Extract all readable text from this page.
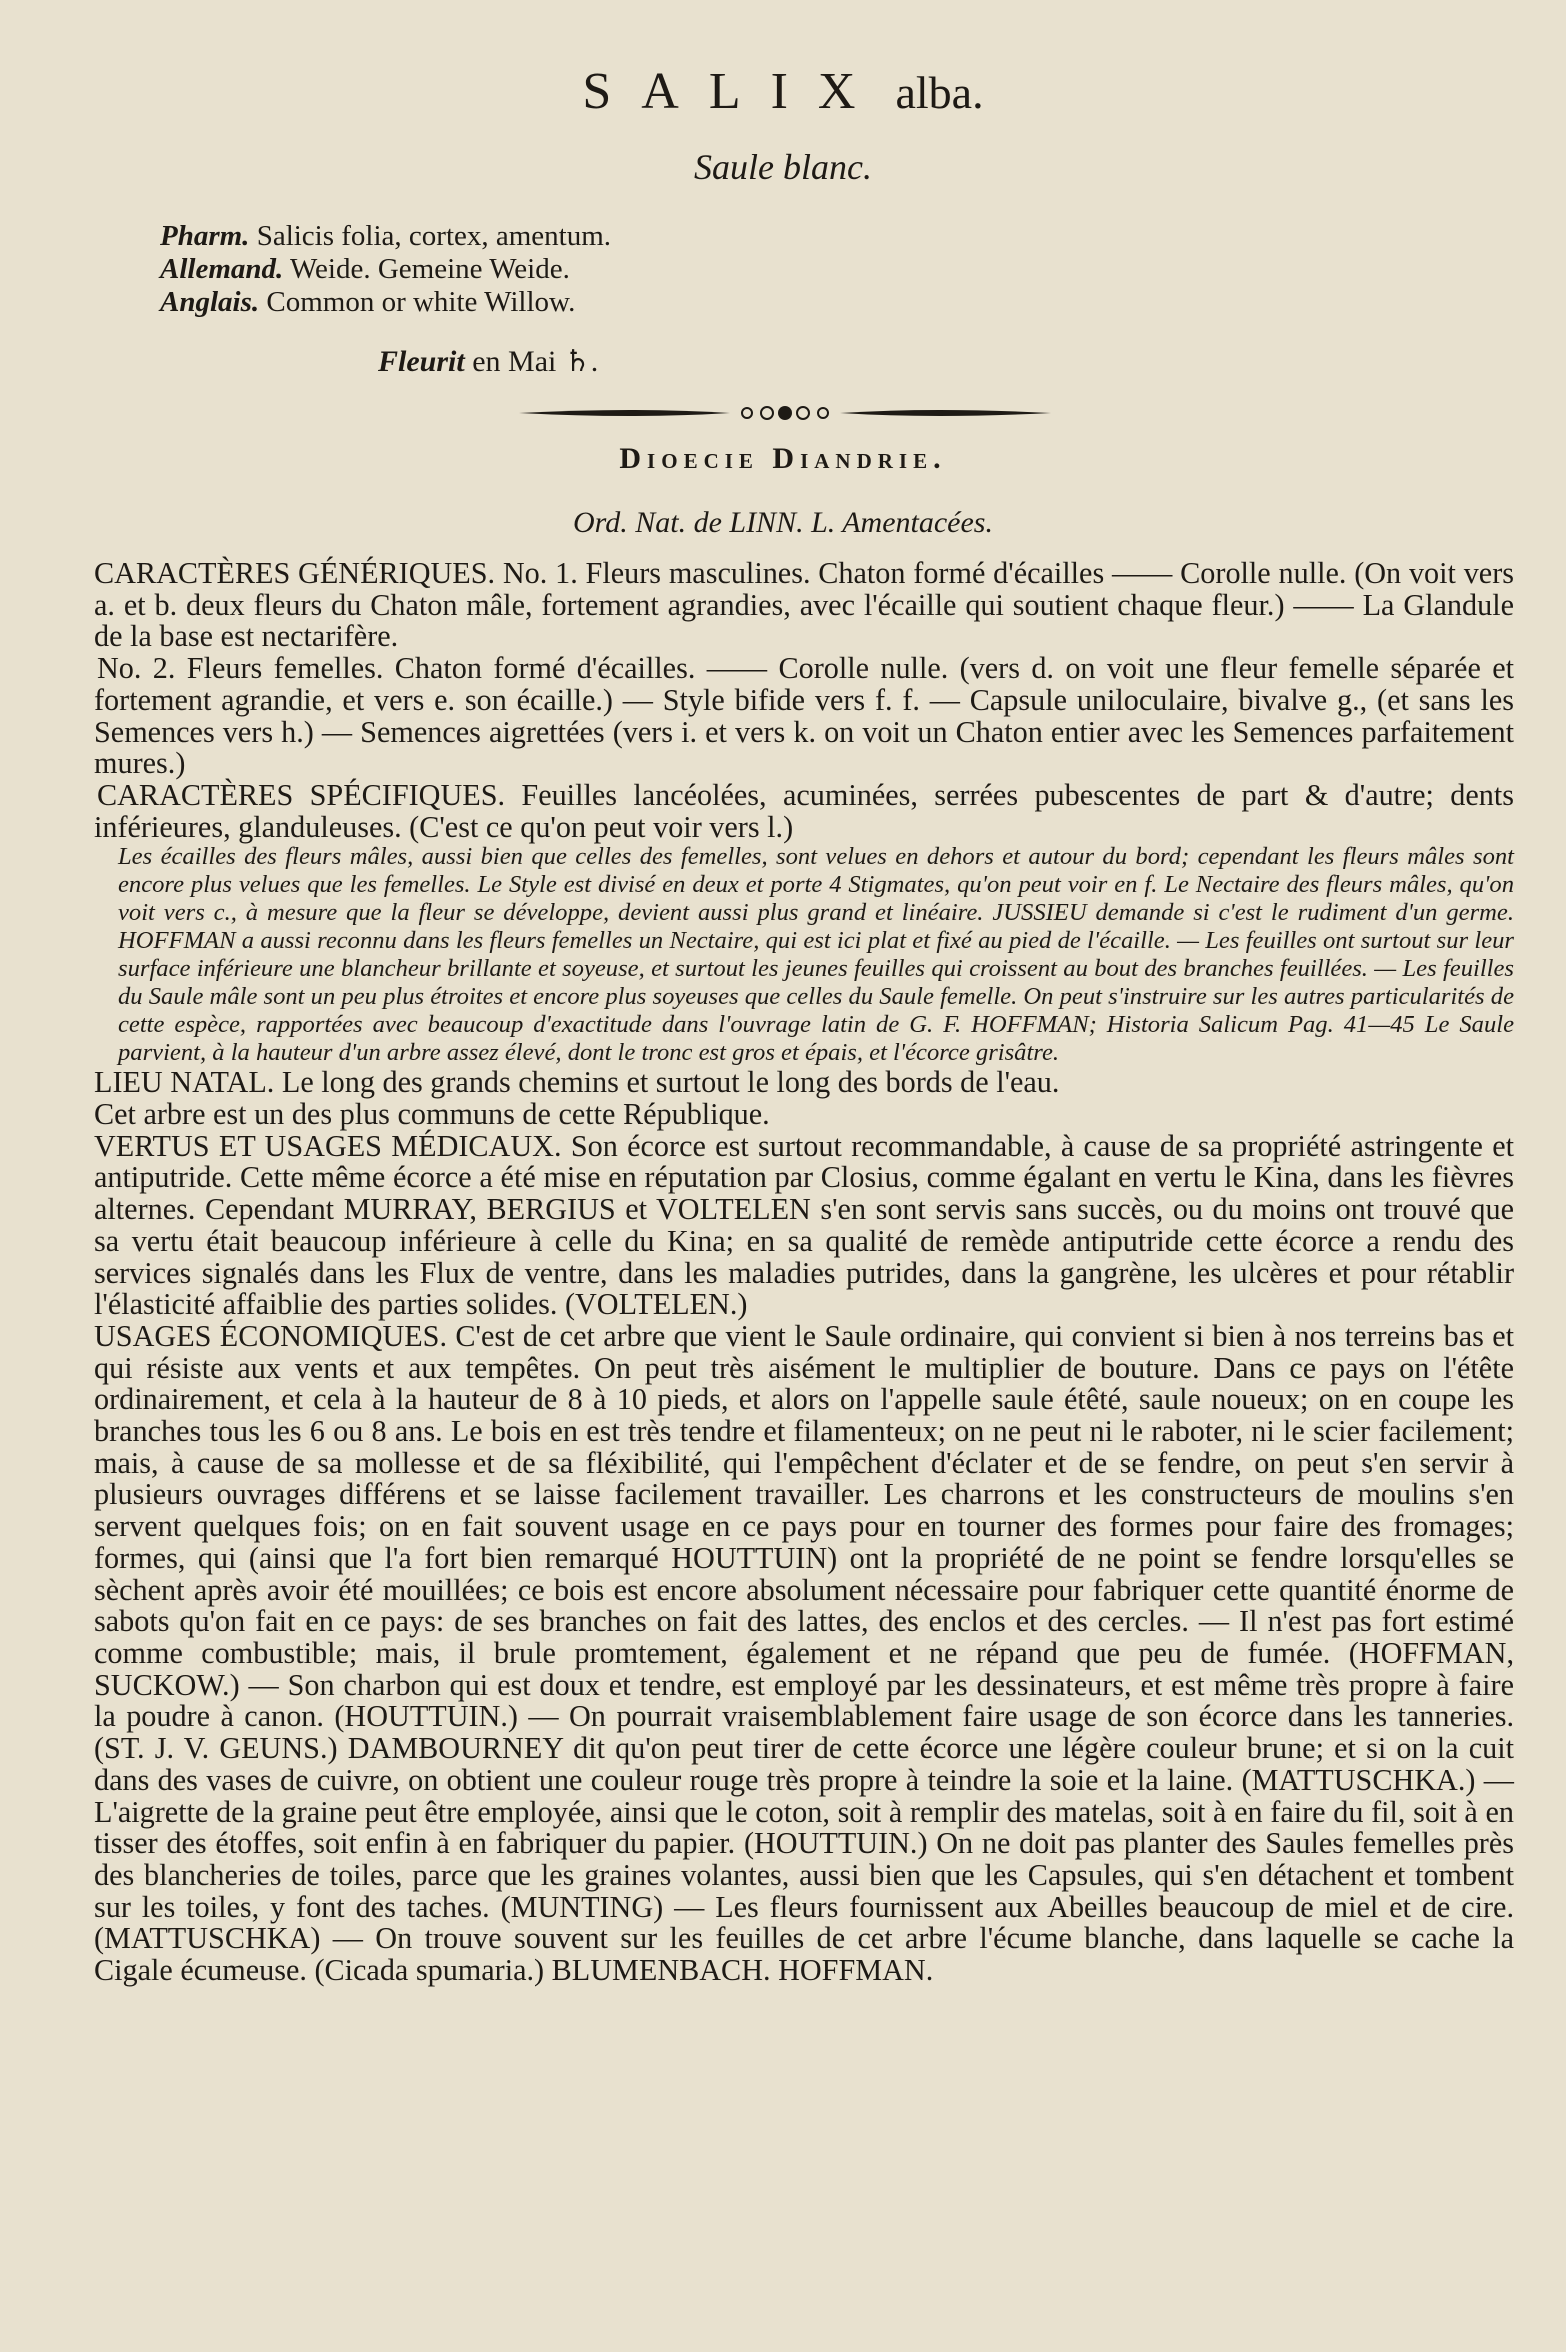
SALIX alba.
Saule blanc.
Pharm. Salicis folia, cortex, amentum.
Allemand. Weide. Gemeine Weide.
Anglais. Common or white Willow.
Fleurit en Mai ♄.
Dioecie Diandrie.
Ord. Nat. de LINN. L. Amentacées.

CARACTÈRES GÉNÉRIQUES. No. 1. Fleurs masculines. Chaton formé d'écailles —— Corolle nulle. (On voit vers a. et b. deux fleurs du Chaton mâle, fortement agrandies, avec l'écaille qui soutient chaque fleur.) —— La Glandule de la base est nectarifère.

No. 2. Fleurs femelles. Chaton formé d'écailles. —— Corolle nulle. (vers d. on voit une fleur femelle séparée et fortement agrandie, et vers e. son écaille.) — Style bifide vers f. f. — Capsule uniloculaire, bivalve g., (et sans les Semences vers h.) — Semences aigrettées (vers i. et vers k. on voit un Chaton entier avec les Semences parfaitement mures.)

CARACTÈRES SPÉCIFIQUES. Feuilles lancéolées, acuminées, serrées pubescentes de part & d'autre; dents inférieures, glanduleuses. (C'est ce qu'on peut voir vers l.)

Les écailles des fleurs mâles, aussi bien que celles des femelles, sont velues en dehors et autour du bord; cependant les fleurs mâles sont encore plus velues que les femelles. Le Style est divisé en deux et porte 4 Stigmates, qu'on peut voir en f. Le Nectaire des fleurs mâles, qu'on voit vers c., à mesure que la fleur se développe, devient aussi plus grand et linéaire. JUSSIEU demande si c'est le rudiment d'un germe. HOFFMAN a aussi reconnu dans les fleurs femelles un Nectaire, qui est ici plat et fixé au pied de l'écaille. — Les feuilles ont surtout sur leur surface inférieure une blancheur brillante et soyeuse, et surtout les jeunes feuilles qui croissent au bout des branches feuillées. — Les feuilles du Saule mâle sont un peu plus étroites et encore plus soyeuses que celles du Saule femelle. On peut s'instruire sur les autres particularités de cette espèce, rapportées avec beaucoup d'exactitude dans l'ouvrage latin de G. F. HOFFMAN; Historia Salicum Pag. 41—45 Le Saule parvient, à la hauteur d'un arbre assez élevé, dont le tronc est gros et épais, et l'écorce grisâtre.

LIEU NATAL. Le long des grands chemins et surtout le long des bords de l'eau.

Cet arbre est un des plus communs de cette République.

VERTUS ET USAGES MÉDICAUX. Son écorce est surtout recommandable, à cause de sa propriété astringente et antiputride. Cette même écorce a été mise en réputation par Closius, comme égalant en vertu le Kina, dans les fièvres alternes. Cependant MURRAY, BERGIUS et VOLTELEN s'en sont servis sans succès, ou du moins ont trouvé que sa vertu était beaucoup inférieure à celle du Kina; en sa qualité de remède antiputride cette écorce a rendu des services signalés dans les Flux de ventre, dans les maladies putrides, dans la gangrène, les ulcères et pour rétablir l'élasticité affaiblie des parties solides. (VOLTELEN.)

USAGES ÉCONOMIQUES. C'est de cet arbre que vient le Saule ordinaire, qui convient si bien à nos terreins bas et qui résiste aux vents et aux tempêtes. On peut très aisément le multiplier de bouture. Dans ce pays on l'étête ordinairement, et cela à la hauteur de 8 à 10 pieds, et alors on l'appelle saule étêté, saule noueux; on en coupe les branches tous les 6 ou 8 ans. Le bois en est très tendre et filamenteux; on ne peut ni le raboter, ni le scier facilement; mais, à cause de sa mollesse et de sa fléxibilité, qui l'empêchent d'éclater et de se fendre, on peut s'en servir à plusieurs ouvrages différens et se laisse facilement travailler. Les charrons et les constructeurs de moulins s'en servent quelques fois; on en fait souvent usage en ce pays pour en tourner des formes pour faire des fromages; formes, qui (ainsi que l'a fort bien remarqué HOUTTUIN) ont la propriété de ne point se fendre lorsqu'elles se sèchent après avoir été mouillées; ce bois est encore absolument nécessaire pour fabriquer cette quantité énorme de sabots qu'on fait en ce pays: de ses branches on fait des lattes, des enclos et des cercles. — Il n'est pas fort estimé comme combustible; mais, il brule promtement, également et ne répand que peu de fumée. (HOFFMAN, SUCKOW.) — Son charbon qui est doux et tendre, est employé par les dessinateurs, et est même très propre à faire la poudre à canon. (HOUTTUIN.) — On pourrait vraisemblablement faire usage de son écorce dans les tanneries. (ST. J. V. GEUNS.) DAMBOURNEY dit qu'on peut tirer de cette écorce une légère couleur brune; et si on la cuit dans des vases de cuivre, on obtient une couleur rouge très propre à teindre la soie et la laine. (MATTUSCHKA.) — L'aigrette de la graine peut être employée, ainsi que le coton, soit à remplir des matelas, soit à en faire du fil, soit à en tisser des étoffes, soit enfin à en fabriquer du papier. (HOUTTUIN.) On ne doit pas planter des Saules femelles près des blancheries de toiles, parce que les graines volantes, aussi bien que les Capsules, qui s'en détachent et tombent sur les toiles, y font des taches. (MUNTING) — Les fleurs fournissent aux Abeilles beaucoup de miel et de cire. (MATTUSCHKA) — On trouve souvent sur les feuilles de cet arbre l'écume blanche, dans laquelle se cache la Cigale écumeuse. (Cicada spumaria.) BLUMENBACH. HOFFMAN.
